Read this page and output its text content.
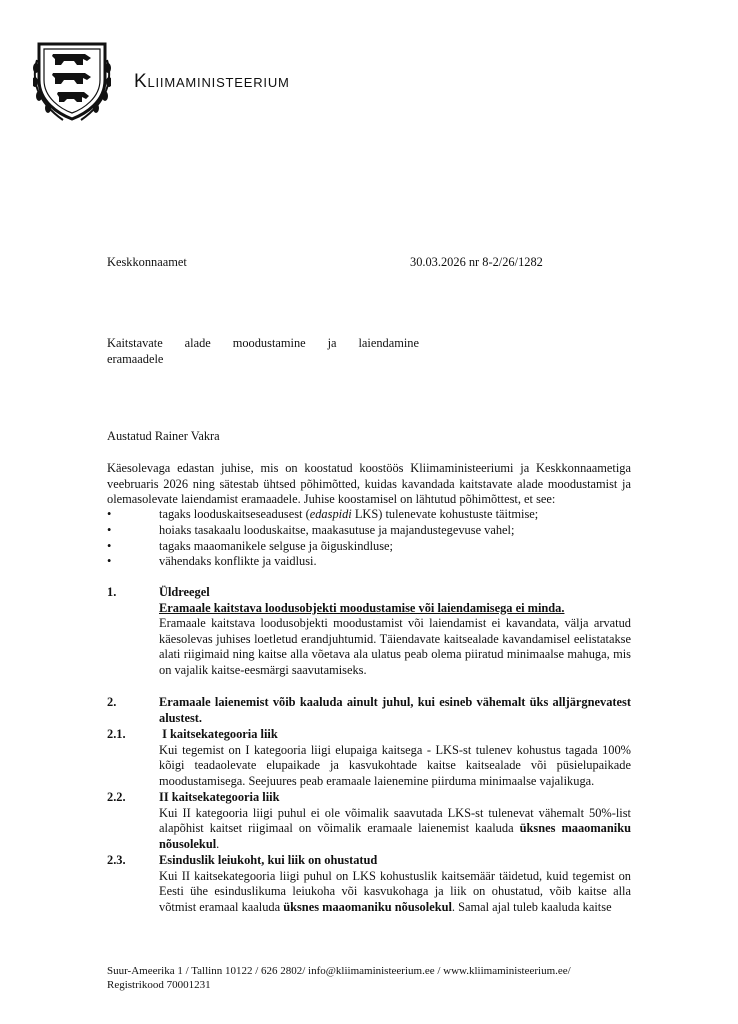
Kliimaministeerium
Keskkonnaamet	30.03.2026 nr 8-2/26/1282
Kaitstavate alade moodustamine ja laiendamine
eramaadele
Austatud Rainer Vakra
Käesolevaga edastan juhise, mis on koostatud koostöös Kliimaministeeriumi ja Keskkonnaametiga veebruaris 2026 ning sätestab ühtsed põhimõtted, kuidas kavandada kaitstavate alade moodustamist ja olemasolevate laiendamist eramaadele. Juhise koostamisel on lähtutud põhimõttest, et see:
• tagaks looduskaitseseadusest (edaspidi LKS) tulenevate kohustuste täitmise;
• hoiaks tasakaalu looduskaitse, maakasutuse ja majandustegevuse vahel;
• tagaks maaomanikele selguse ja õiguskindluse;
• vähendaks konflikte ja vaidlusi.
1.	Üldreegel
Eramaale kaitstava loodusobjekti moodustamise või laiendamisega ei minda.
Eramaale kaitstava loodusobjekti moodustamist või laiendamist ei kavandata, välja arvatud käesolevas juhises loetletud erandjuhtumid. Täiendavate kaitsealade kavandamisel eelistatakse alati riigimaid ning kaitse alla võetava ala ulatus peab olema piiratud minimaalse mahuga, mis on vajalik kaitse-eesmärgi saavutamiseks.
2.	Eramaale laienemist võib kaaluda ainult juhul, kui esineb vähemalt üks alljärgnevatest alustest.
2.1.	I kaitsekategooria liik
Kui tegemist on I kategooria liigi elupaiga kaitsega - LKS-st tulenev kohustus tagada 100% kõigi teadaolevate elupaikade ja kasvukohtade kaitse kaitsealade või püsielupaikade moodustamisega. Seejuures peab eramaale laienemine piirduma minimaalse vajalikuga.
2.2.	II kaitsekategooria liik
Kui II kategooria liigi puhul ei ole võimalik saavutada LKS-st tulenevat vähemalt 50%-list alapõhist kaitset riigimaal on võimalik eramaale laienemist kaaluda üksnes maaomaniku nõusolekul.
2.3.	Esinduslik leiukoht, kui liik on ohustatud
Kui II kaitsekategooria liigi puhul on LKS kohustuslik kaitsemäär täidetud, kuid tegemist on Eesti ühe esinduslikuma leiukoha või kasvukohaga ja liik on ohustatud, võib kaitse alla võtmist eramaal kaaluda üksnes maaomaniku nõusolekul. Samal ajal tuleb kaaluda kaitse
Suur-Ameerika 1 / Tallinn 10122 / 626 2802/ info@kliimaministeerium.ee / www.kliimaministeerium.ee/
Registrikood 70001231
